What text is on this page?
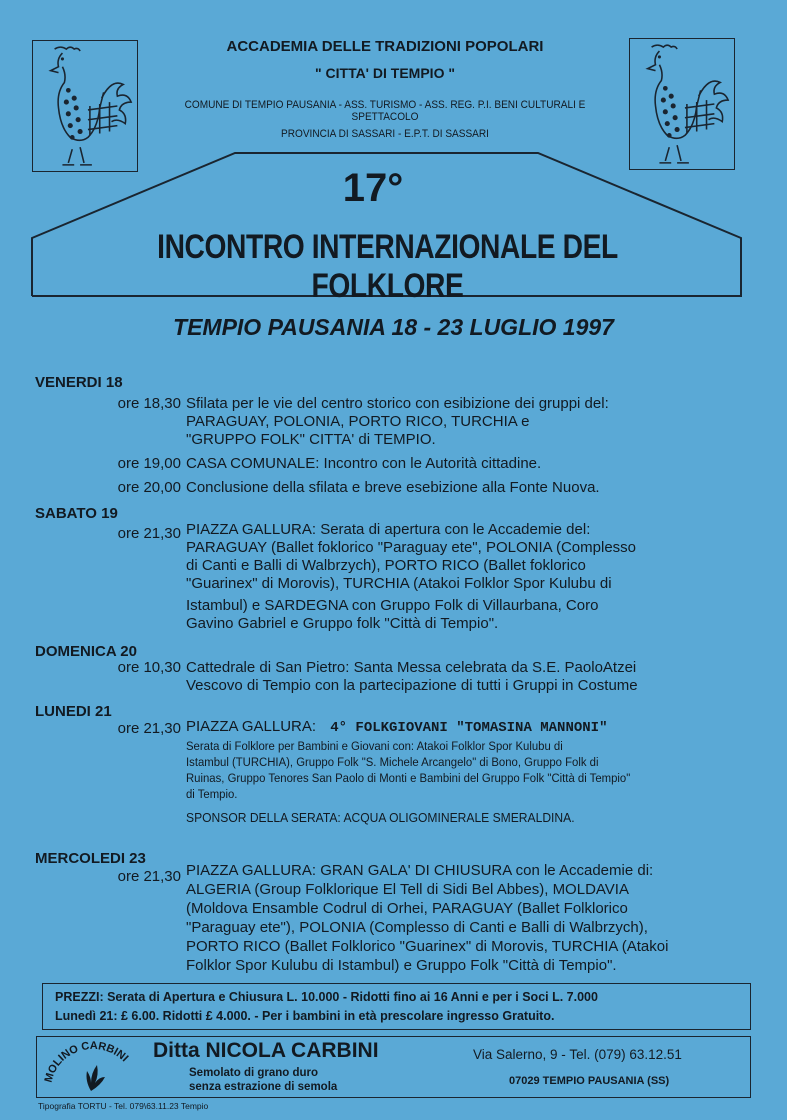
ACCADEMIA DELLE TRADIZIONI POPOLARI
" CITTA' DI TEMPIO "
COMUNE DI TEMPIO PAUSANIA - ASS. TURISMO - ASS. REG. P.I. BENI CULTURALI E SPETTACOLO
PROVINCIA DI SASSARI - E.P.T. DI SASSARI
17°
INCONTRO INTERNAZIONALE DEL FOLKLORE
TEMPIO PAUSANIA 18 - 23 LUGLIO 1997
VENERDI 18
ore 18,30 Sfilata per le vie del centro storico con esibizione dei gruppi del:
PARAGUAY, POLONIA, PORTO RICO, TURCHIA e
"GRUPPO FOLK" CITTA' di TEMPIO.
ore 19,00 CASA COMUNALE: Incontro con le Autorità cittadine.
ore 20,00 Conclusione della sfilata e breve esebizione alla Fonte Nuova.
SABATO 19
ore 21,30 PIAZZA GALLURA: Serata di apertura con le Accademie del:
PARAGUAY (Ballet foklorico "Paraguay ete", POLONIA (Complesso
di Canti e Balli di Walbrzych), PORTO RICO (Ballet foklorico
"Guarinex" di Morovis), TURCHIA (Atakoi Folklor Spor Kulubu di
Istambul) e SARDEGNA con Gruppo Folk di Villaurbana, Coro
Gavino Gabriel e Gruppo folk "Città di Tempio".
DOMENICA 20
ore 10,30 Cattedrale di San Pietro: Santa Messa celebrata da S.E. PaoloAtzei
Vescovo di Tempio con la partecipazione di tutti i Gruppi in Costume
LUNEDI 21
ore 21,30 PIAZZA GALLURA: 4° FOLKGIOVANI "TOMASINA MANNONI"
Serata di Folklore per Bambini e Giovani con: Atakoi Folklor Spor Kulubu di
Istambul (TURCHIA), Gruppo Folk "S. Michele Arcangelo" di Bono, Gruppo Folk di
Ruinas, Gruppo Tenores San Paolo di Monti e Bambini del Gruppo Folk "Città di Tempio"
di Tempio.
SPONSOR DELLA SERATA: ACQUA OLIGOMINERALE SMERALDINA.
MERCOLEDI 23
ore 21,30 PIAZZA GALLURA: GRAN GALA' DI CHIUSURA con le Accademie di:
ALGERIA (Group Folklorique El Tell di Sidi Bel Abbes), MOLDAVIA
(Moldova Ensamble Codrul di Orhei, PARAGUAY (Ballet Folklorico
"Paraguay ete"), POLONIA (Complesso di Canti e Balli di Walbrzych),
PORTO RICO (Ballet Folklorico "Guarinex" di Morovis, TURCHIA (Atakoi
Folklor Spor Kulubu di Istambul) e Gruppo Folk "Città di Tempio".
PREZZI: Serata di Apertura e Chiusura L. 10.000 - Ridotti fino ai 16 Anni e per i Soci L. 7.000
Lunedì 21: £ 6.00. Ridotti £ 4.000. - Per i bambini in età prescolare ingresso Gratuito.
MOLINO CARBINI Ditta NICOLA CARBINI
Semolato di grano duro
senza estrazione di semola
Via Salerno, 9 - Tel. (079) 63.12.51
07029 TEMPIO PAUSANIA (SS)
Tipografia TORTU - Tel. 079\63.11.23 Tempio
